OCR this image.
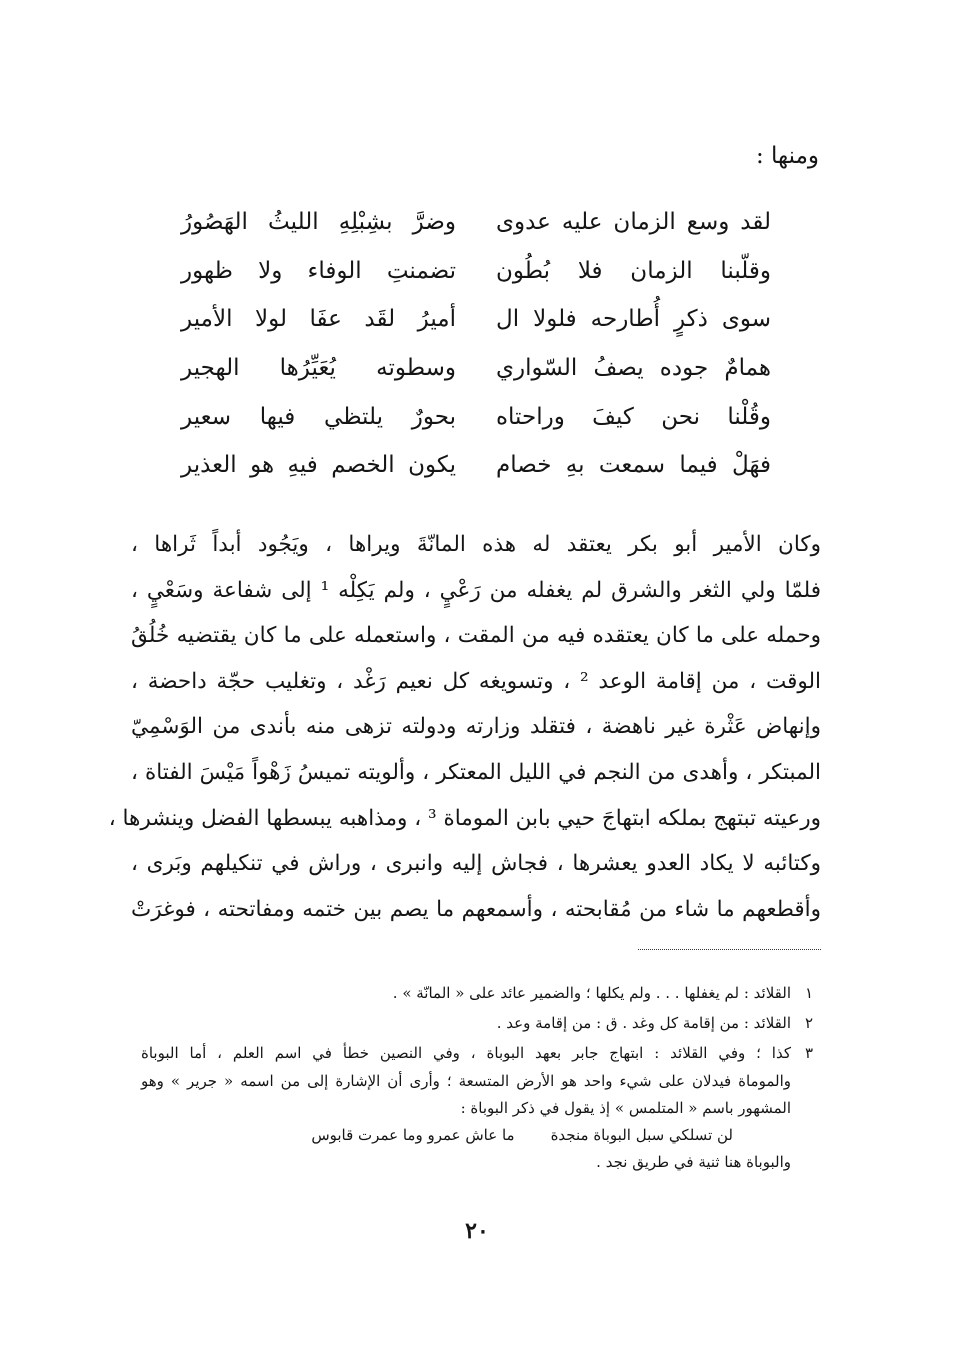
ومنها :
لقد وسع الزمان عليه عدوى
وضرَّ بشِبْلِهِ الليثُ الهَصُورُ
وقلّبنا الزمان فلا بُطُون
تضمنتِ الوفاء ولا ظهور
سوى ذكرٍ أُطارحه فلولا ال
أميرُ لقَد عفَا لولا الأمير
همامٌ جوده يصفُ السّواري
وسطوته يُعَيِّرُها الهجير
وقُلْنا نحن كيفَ وراحتاه
بحورٌ يلتظي فيها سعير
فهَلْ فيما سمعت بهِ خصام
يكون الخصم فيهِ هو العذير
وكان الأمير أبو بكر يعتقد له هذه المانّةَ ويراها ، ويَجُود أبداً ثَراها ،
فلمّا ولي الثغر والشرق لم يغفله من رَعْيٍ ، ولم يَكِلْه ¹ إلى شفاعة وسَعْيٍ ،
وحمله على ما كان يعتقده فيه من المقت ، واستعمله على ما كان يقتضيه خُلُقُ
الوقت ، من إقامة الوعد ² ، وتسويغه كل نعيم رَغْد ، وتغليب حجّة داحضة ،
وإنهاض عَثْرة غير ناهضة ، فتقلد وزارته ودولته تزهى منه بأندى من الوَسْمِيّ
المبتكر ، وأهدى من النجم في الليل المعتكر ، وألويته تميسُ زَهْواً مَيْسَ الفتاة ،
ورعيته تبتهج بملكه ابتهاجَ حيي بابن الموماة ³ ، ومذاهبه يبسطها الفضل وينشرها ،
وكتائبه لا يكاد العدو يعشرها ، فجاش إليه وانبرى ، وراش في تنكيلهم وبَرى ،
وأقطعهم ما شاء من مُقابحته ، وأسمعهم ما يصم بين ختمه ومفاتحته ، فوغرَتْ
١
القلائد : لم يغفلها . . . ولم يكلها ؛ والضمير عائد على « المانّة » .
٢
القلائد : من إقامة كل وغد . ق : من إقامة وعد .
٣
كذا ؛ وفي القلائد : ابتهاج جابر بعهد البوباة ، وفي النصين خطأ في اسم العلم ، أما البوباة
والموماة فيدلان على شيء واحد هو الأرض المتسعة ؛ وأرى أن الإشارة إلى من اسمه « جرير » وهو
المشهور باسم « المتلمس » إذ يقول في ذكر البوباة :
لن تسلكي سبل البوباة منجدة
ما عاش عمرو وما عمرت قابوس
والبوباة هنا ثنية في طريق نجد .
٢٠
